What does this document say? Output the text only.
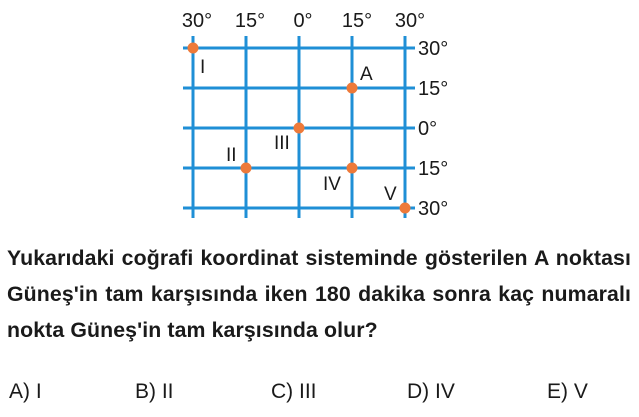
30° 15° 0° 15° 30°
30°
15°
0°
15°
30°
I	A
III
II
IV V

Yukarıdaki coğrafi koordinat sisteminde gösterilen A noktası Güneş'in tam karşısında iken 180 dakika sonra kaç numaralı nokta Güneş'in tam karşısında olur?

A) I	B) II	C) III	D) IV	E) V
